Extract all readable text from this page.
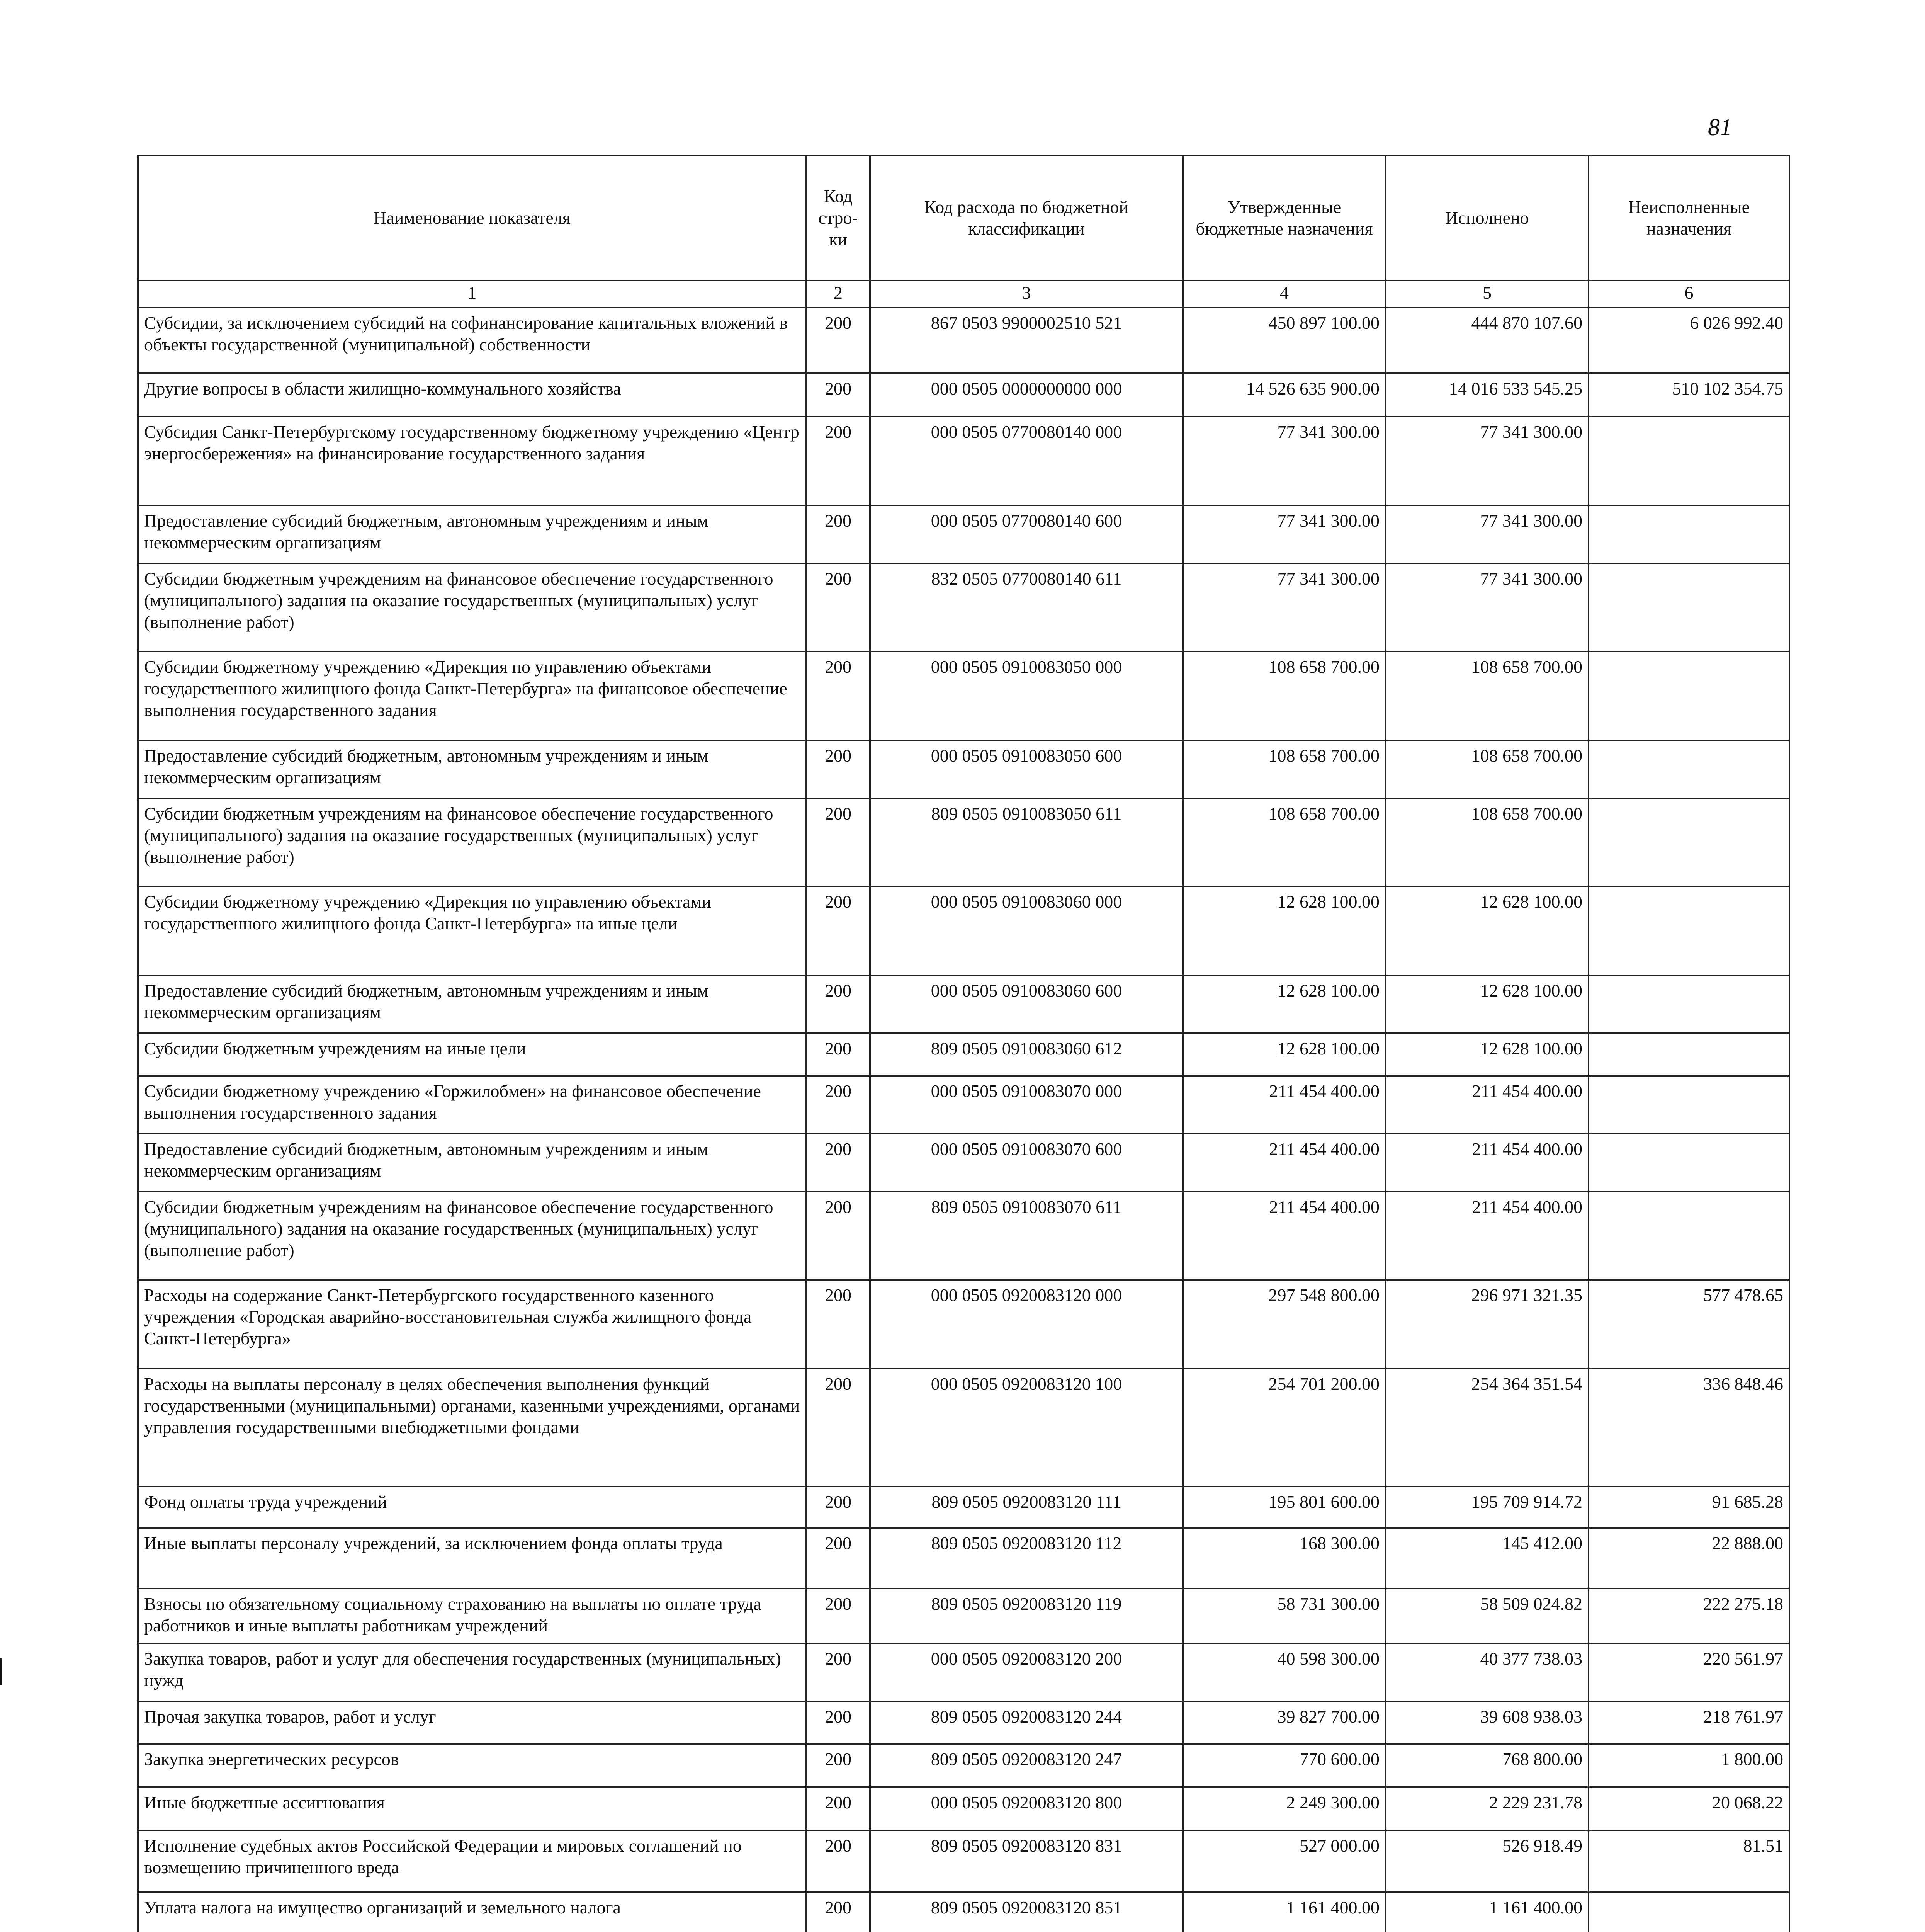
81
Наименование показателя	Код стро-ки	Код расхода по бюджетной классификации	Утвержденные бюджетные назначения	Исполнено	Неисполненные назначения
1	2	3	4	5	6
Субсидии, за исключением субсидий на софинансирование капитальных вложений в объекты государственной (муниципальной) собственности	200	867 0503 9900002510 521	450 897 100.00	444 870 107.60	6 026 992.40
Другие вопросы в области жилищно-коммунального хозяйства	200	000 0505 0000000000 000	14 526 635 900.00	14 016 533 545.25	510 102 354.75
Субсидия Санкт-Петербургскому государственному бюджетному учреждению «Центр энергосбережения» на финансирование государственного задания	200	000 0505 0770080140 000	77 341 300.00	77 341 300.00	
Предоставление субсидий бюджетным, автономным учреждениям и иным некоммерческим организациям	200	000 0505 0770080140 600	77 341 300.00	77 341 300.00	
Субсидии бюджетным учреждениям на финансовое обеспечение государственного (муниципального) задания на оказание государственных (муниципальных) услуг (выполнение работ)	200	832 0505 0770080140 611	77 341 300.00	77 341 300.00	
Субсидии бюджетному учреждению «Дирекция по управлению объектами государственного жилищного фонда Санкт-Петербурга» на финансовое обеспечение выполнения государственного задания	200	000 0505 0910083050 000	108 658 700.00	108 658 700.00	
Предоставление субсидий бюджетным, автономным учреждениям и иным некоммерческим организациям	200	000 0505 0910083050 600	108 658 700.00	108 658 700.00	
Субсидии бюджетным учреждениям на финансовое обеспечение государственного (муниципального) задания на оказание государственных (муниципальных) услуг (выполнение работ)	200	809 0505 0910083050 611	108 658 700.00	108 658 700.00	
Субсидии бюджетному учреждению «Дирекция по управлению объектами государственного жилищного фонда Санкт-Петербурга» на иные цели	200	000 0505 0910083060 000	12 628 100.00	12 628 100.00	
Предоставление субсидий бюджетным, автономным учреждениям и иным некоммерческим организациям	200	000 0505 0910083060 600	12 628 100.00	12 628 100.00	
Субсидии бюджетным учреждениям на иные цели	200	809 0505 0910083060 612	12 628 100.00	12 628 100.00	
Субсидии бюджетному учреждению «Горжилобмен» на финансовое обеспечение выполнения государственного задания	200	000 0505 0910083070 000	211 454 400.00	211 454 400.00	
Предоставление субсидий бюджетным, автономным учреждениям и иным некоммерческим организациям	200	000 0505 0910083070 600	211 454 400.00	211 454 400.00	
Субсидии бюджетным учреждениям на финансовое обеспечение государственного (муниципального) задания на оказание государственных (муниципальных) услуг (выполнение работ)	200	809 0505 0910083070 611	211 454 400.00	211 454 400.00	
Расходы на содержание Санкт-Петербургского государственного казенного учреждения «Городская аварийно-восстановительная служба жилищного фонда Санкт-Петербурга»	200	000 0505 0920083120 000	297 548 800.00	296 971 321.35	577 478.65
Расходы на выплаты персоналу в целях обеспечения выполнения функций государственными (муниципальными) органами, казенными учреждениями, органами управления государственными внебюджетными фондами	200	000 0505 0920083120 100	254 701 200.00	254 364 351.54	336 848.46
Фонд оплаты труда учреждений	200	809 0505 0920083120 111	195 801 600.00	195 709 914.72	91 685.28
Иные выплаты персоналу учреждений, за исключением фонда оплаты труда	200	809 0505 0920083120 112	168 300.00	145 412.00	22 888.00
Взносы по обязательному социальному страхованию на выплаты по оплате труда работников и иные выплаты работникам учреждений	200	809 0505 0920083120 119	58 731 300.00	58 509 024.82	222 275.18
Закупка товаров, работ и услуг для обеспечения государственных (муниципальных) нужд	200	000 0505 0920083120 200	40 598 300.00	40 377 738.03	220 561.97
Прочая закупка товаров, работ и услуг	200	809 0505 0920083120 244	39 827 700.00	39 608 938.03	218 761.97
Закупка энергетических ресурсов	200	809 0505 0920083120 247	770 600.00	768 800.00	1 800.00
Иные бюджетные ассигнования	200	000 0505 0920083120 800	2 249 300.00	2 229 231.78	20 068.22
Исполнение судебных актов Российской Федерации и мировых соглашений по возмещению причиненного вреда	200	809 0505 0920083120 831	527 000.00	526 918.49	81.51
Уплата налога на имущество организаций и земельного налога	200	809 0505 0920083120 851	1 161 400.00	1 161 400.00	
